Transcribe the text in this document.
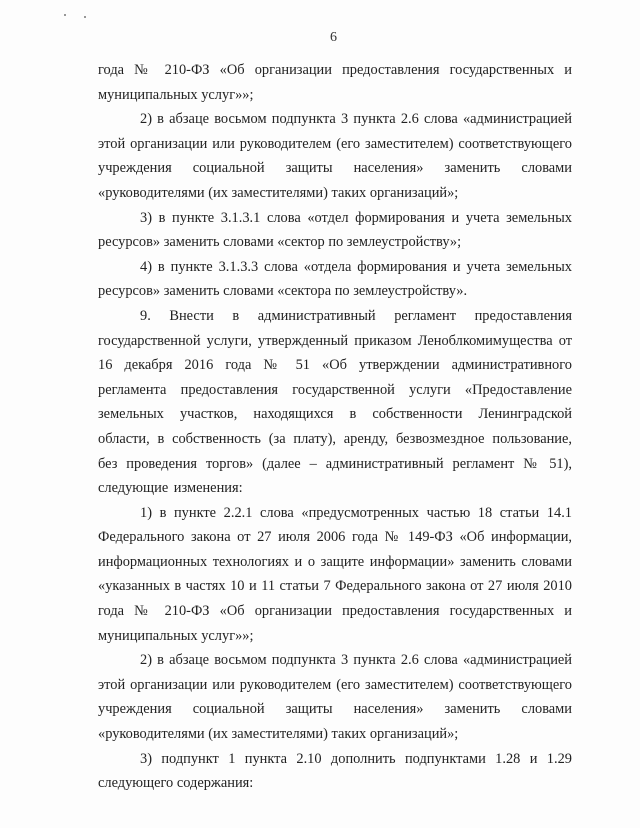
6

года № 210-ФЗ «Об организации предоставления государственных и муниципальных услуг»»;

2) в абзаце восьмом подпункта 3 пункта 2.6 слова «администрацией этой организации или руководителем (его заместителем) соответствующего учреждения социальной защиты населения» заменить словами «руководителями (их заместителями) таких организаций»;

3) в пункте 3.1.3.1 слова «отдел формирования и учета земельных ресурсов» заменить словами «сектор по землеустройству»;

4) в пункте 3.1.3.3 слова «отдела формирования и учета земельных ресурсов» заменить словами «сектора по землеустройству».

9. Внести в административный регламент предоставления государственной услуги, утвержденный приказом Леноблкомимущества от 16 декабря 2016 года № 51 «Об утверждении административного регламента предоставления государственной услуги «Предоставление земельных участков, находящихся в собственности Ленинградской области, в собственность (за плату), аренду, безвозмездное пользование, без проведения торгов» (далее – административный регламент № 51), следующие изменения:

1) в пункте 2.2.1 слова «предусмотренных частью 18 статьи 14.1 Федерального закона от 27 июля 2006 года № 149-ФЗ «Об информации, информационных технологиях и о защите информации» заменить словами «указанных в частях 10 и 11 статьи 7 Федерального закона от 27 июля 2010 года № 210-ФЗ «Об организации предоставления государственных и муниципальных услуг»»;

2) в абзаце восьмом подпункта 3 пункта 2.6 слова «администрацией этой организации или руководителем (его заместителем) соответствующего учреждения социальной защиты населения» заменить словами «руководителями (их заместителями) таких организаций»;

3) подпункт 1 пункта 2.10 дополнить подпунктами 1.28 и 1.29 следующего содержания:
